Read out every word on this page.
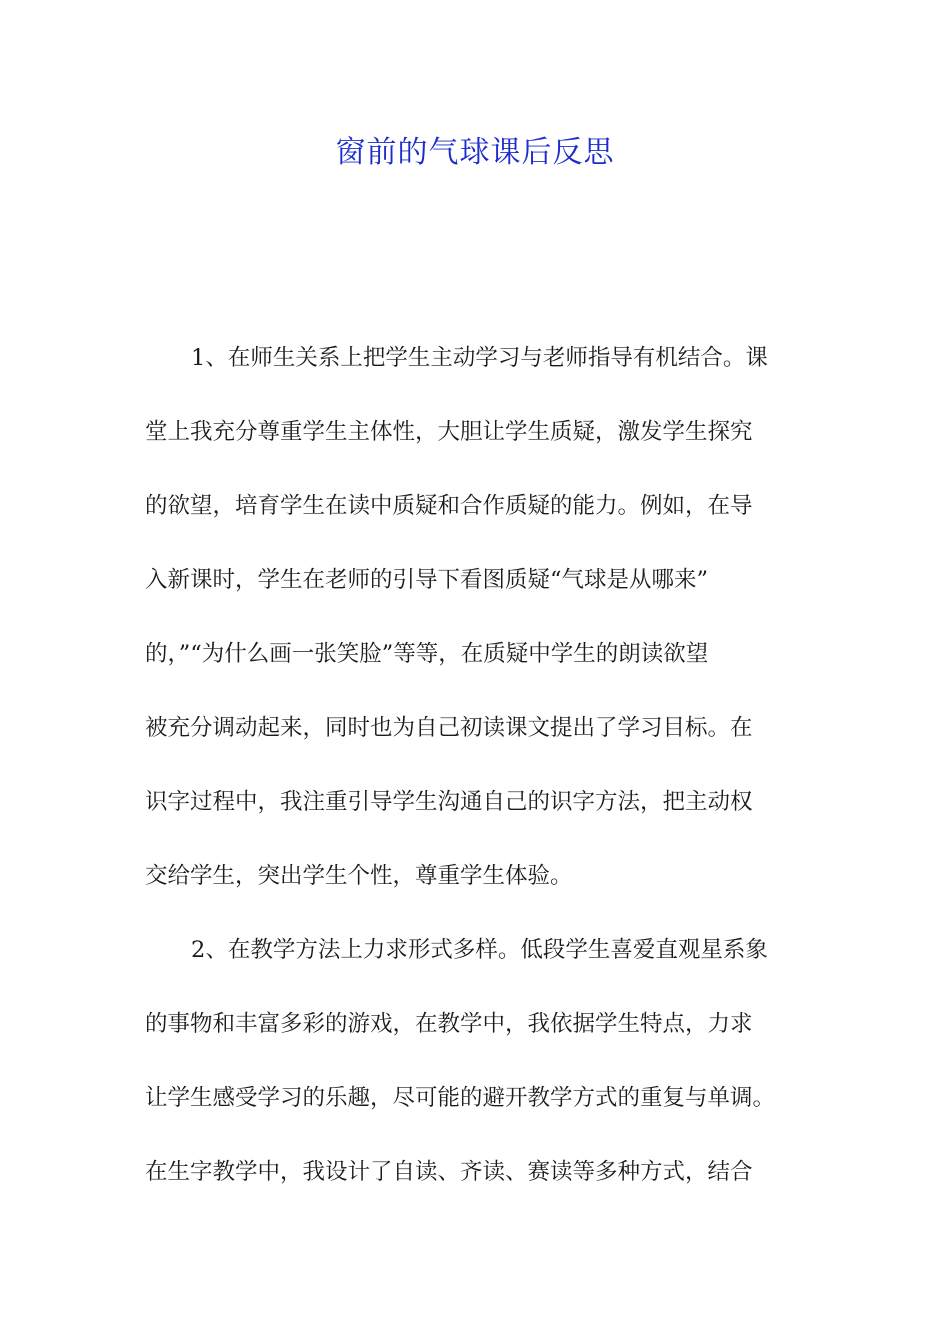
窗前的气球课后反思
1、在师生关系上把学生主动学习与老师指导有机结合。课
堂上我充分尊重学生主体性，大胆让学生质疑，激发学生探究
的欲望，培育学生在读中质疑和合作质疑的能力。例如，在导
入新课时，学生在老师的引导下看图质疑“气球是从哪来”
的，”“为什么画一张笑脸”等等，在质疑中学生的朗读欲望
被充分调动起来，同时也为自己初读课文提出了学习目标。在
识字过程中，我注重引导学生沟通自己的识字方法，把主动权
交给学生，突出学生个性，尊重学生体验。
2、在教学方法上力求形式多样。低段学生喜爱直观星系象
的事物和丰富多彩的游戏，在教学中，我依据学生特点，力求
让学生感受学习的乐趣，尽可能的避开教学方式的重复与单调。
在生字教学中，我设计了自读、齐读、赛读等多种方式，结合
